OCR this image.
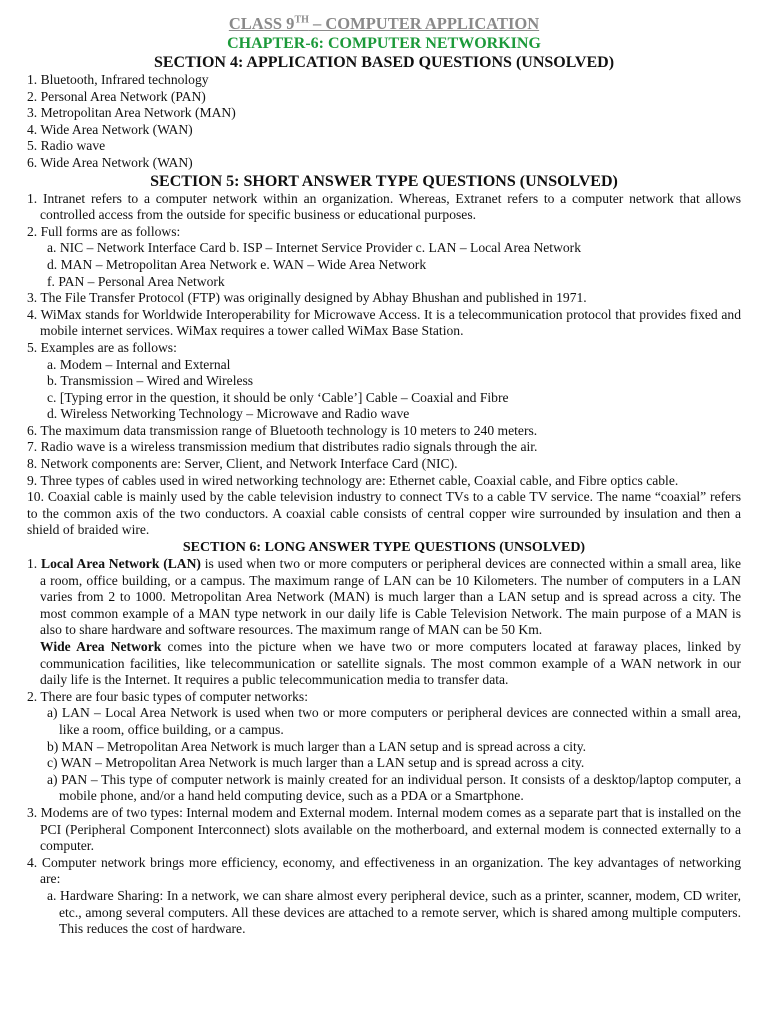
CLASS 9TH – COMPUTER APPLICATION
CHAPTER-6: COMPUTER NETWORKING
SECTION 4: APPLICATION BASED QUESTIONS (UNSOLVED)

1. Bluetooth, Infrared technology

2. Personal Area Network (PAN)

3. Metropolitan Area Network (MAN)

4. Wide Area Network (WAN)

5. Radio wave

6. Wide Area Network (WAN)

SECTION 5: SHORT ANSWER TYPE QUESTIONS (UNSOLVED)

1. Intranet refers to a computer network within an organization. Whereas, Extranet refers to a computer network that allows controlled access from the outside for specific business or educational purposes.

2. Full forms are as follows:

a. NIC – Network Interface Card b. ISP – Internet Service Provider c. LAN – Local Area Network

d. MAN – Metropolitan Area Network e. WAN – Wide Area Network

f. PAN – Personal Area Network

3. The File Transfer Protocol (FTP) was originally designed by Abhay Bhushan and published in 1971.

4. WiMax stands for Worldwide Interoperability for Microwave Access. It is a telecommunication protocol that provides fixed and mobile internet services. WiMax requires a tower called WiMax Base Station.

5. Examples are as follows:

a. Modem – Internal and External

b. Transmission – Wired and Wireless

c. [Typing error in the question, it should be only ‘Cable’] Cable – Coaxial and Fibre

d. Wireless Networking Technology – Microwave and Radio wave

6. The maximum data transmission range of Bluetooth technology is 10 meters to 240 meters.

7. Radio wave is a wireless transmission medium that distributes radio signals through the air.

8. Network components are: Server, Client, and Network Interface Card (NIC).

9. Three types of cables used in wired networking technology are: Ethernet cable, Coaxial cable, and Fibre optics cable.

10. Coaxial cable is mainly used by the cable television industry to connect TVs to a cable TV service. The name “coaxial” refers to the common axis of the two conductors. A coaxial cable consists of central copper wire surrounded by insulation and then a shield of braided wire.

SECTION 6: LONG ANSWER TYPE QUESTIONS (UNSOLVED)

1. Local Area Network (LAN) is used when two or more computers or peripheral devices are connected within a small area, like a room, office building, or a campus. The maximum range of LAN can be 10 Kilometers. The number of computers in a LAN varies from 2 to 1000. Metropolitan Area Network (MAN) is much larger than a LAN setup and is spread across a city. The most common example of a MAN type network in our daily life is Cable Television Network. The main purpose of a MAN is also to share hardware and software resources. The maximum range of MAN can be 50 Km.

Wide Area Network comes into the picture when we have two or more computers located at faraway places, linked by communication facilities, like telecommunication or satellite signals. The most common example of a WAN network in our daily life is the Internet. It requires a public telecommunication media to transfer data.

2. There are four basic types of computer networks:

a) LAN – Local Area Network is used when two or more computers or peripheral devices are connected within a small area, like a room, office building, or a campus.

b) MAN – Metropolitan Area Network is much larger than a LAN setup and is spread across a city.

c) WAN – Metropolitan Area Network is much larger than a LAN setup and is spread across a city.

a) PAN – This type of computer network is mainly created for an individual person. It consists of a desktop/laptop computer, a mobile phone, and/or a hand held computing device, such as a PDA or a Smartphone.

3. Modems are of two types: Internal modem and External modem. Internal modem comes as a separate part that is installed on the PCI (Peripheral Component Interconnect) slots available on the motherboard, and external modem is connected externally to a computer.

4. Computer network brings more efficiency, economy, and effectiveness in an organization. The key advantages of networking are:

a. Hardware Sharing: In a network, we can share almost every peripheral device, such as a printer, scanner, modem, CD writer, etc., among several computers. All these devices are attached to a remote server, which is shared among multiple computers. This reduces the cost of hardware.
